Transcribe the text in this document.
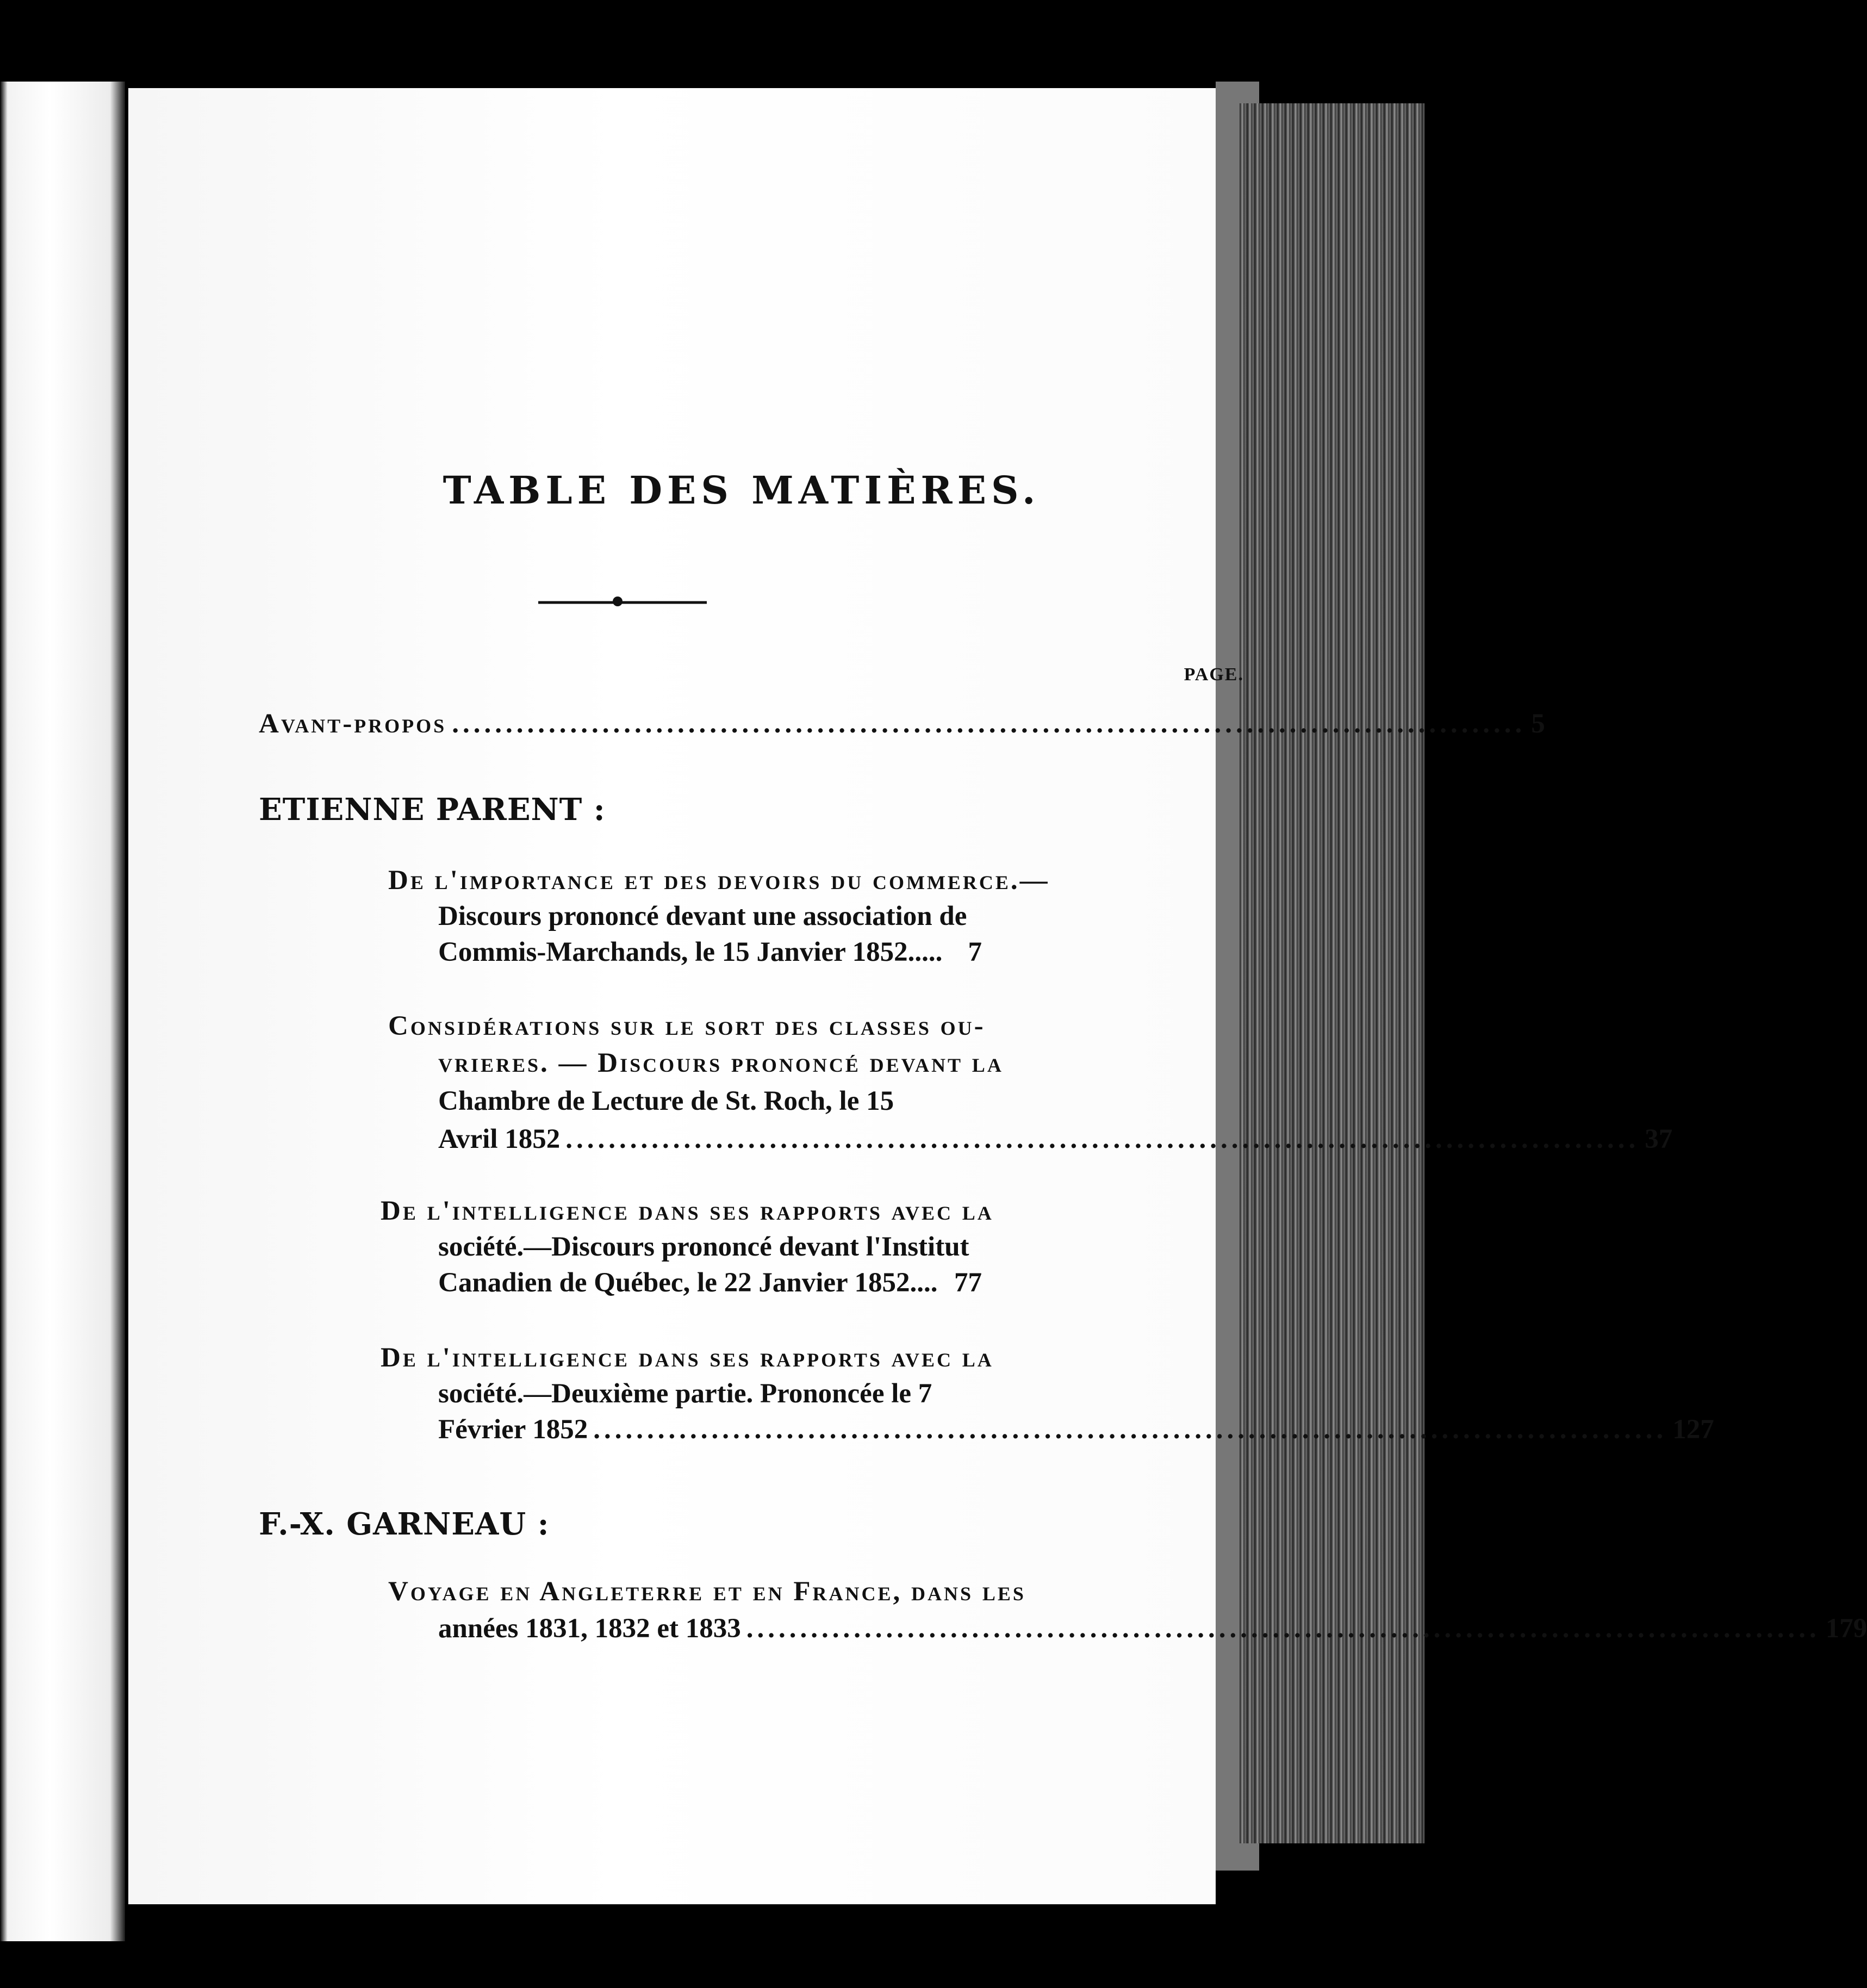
TABLE DES MATIÈRES.
PAGE.
Avant-propos .................................................................................................... 5
ETIENNE PARENT :
De l'importance et des devoirs du commerce.—
Discours prononcé devant une association de
Commis-Marchands, le 15 Janvier 1852..... 7
Considérations sur le sort des classes ou-
vrieres. — Discours prononcé devant la
Chambre de Lecture de St. Roch, le 15
Avril 1852 .................................................................................................... 37
De l'intelligence dans ses rapports avec la
société.—Discours prononcé devant l'Institut
Canadien de Québec, le 22 Janvier 1852.... 77
De l'intelligence dans ses rapports avec la
société.—Deuxième partie. Prononcée le 7
Février 1852 .................................................................................................... 127
F.-X. GARNEAU :
Voyage en Angleterre et en France, dans les
années 1831, 1832 et 1833 .................................................................................................... 179
